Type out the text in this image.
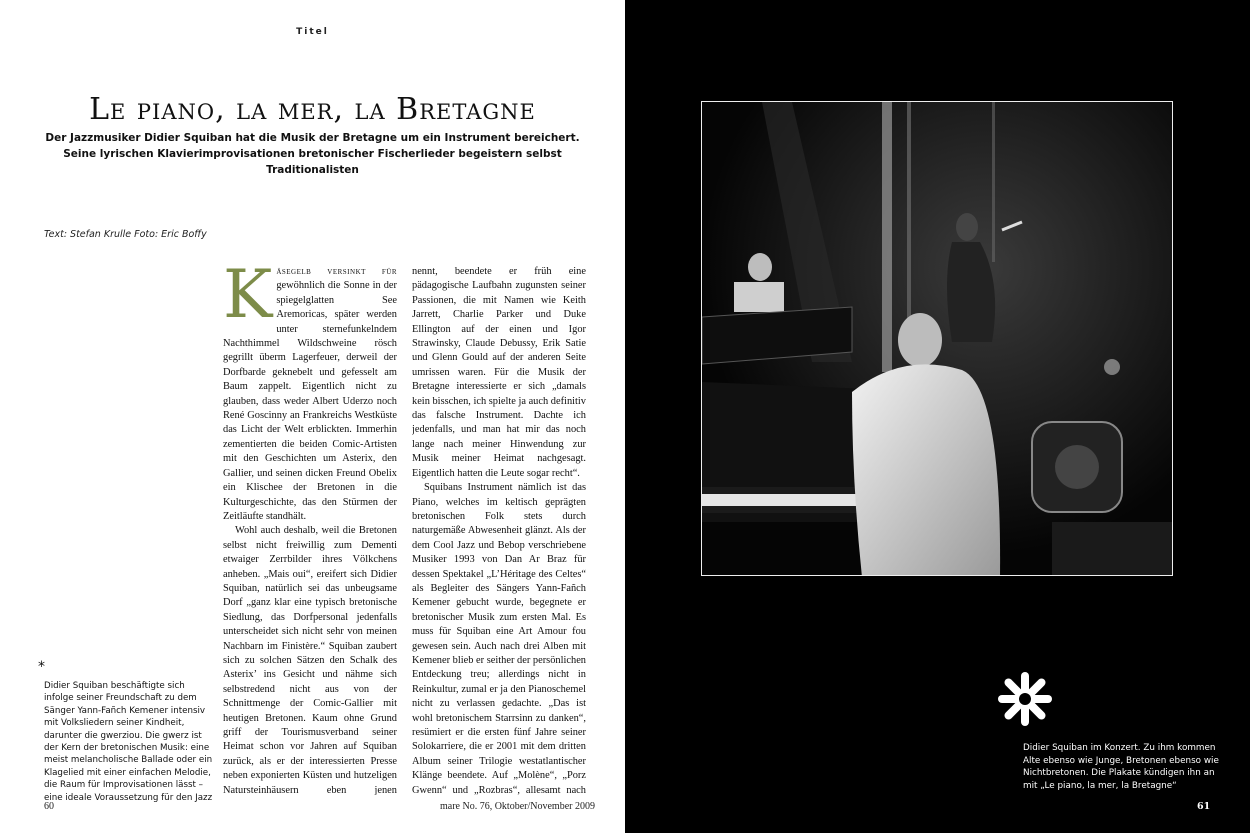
Titel
Le piano, la mer, la Bretagne
Der Jazzmusiker Didier Squiban hat die Musik der Bretagne um ein Instrument bereichert.
Seine lyrischen Klavierimprovisationen bretonischer Fischerlieder begeistern selbst Traditionalisten
Text: Stefan Krulle Foto: Eric Boffy

K äsegelb versinkt für gewöhnlich die Sonne in der spiegelglatten See Aremoricas, später werden unter sternefunkelndem Nachthimmel Wildschweine rösch gegrillt überm Lagerfeuer, derweil der Dorfbarde geknebelt und gefesselt am Baum zappelt. Eigentlich nicht zu glauben, dass weder Albert Uderzo noch René Goscinny an Frankreichs Westküste das Licht der Welt erblickten. Immerhin zementierten die beiden Comic-Artisten mit den Geschichten um Asterix, den Gallier, und seinen dicken Freund Obelix ein Klischee der Bretonen in die Kulturgeschichte, das den Stürmen der Zeitläufte standhält.

Wohl auch deshalb, weil die Bretonen selbst nicht freiwillig zum Dementi etwaiger Zerrbilder ihres Völkchens anheben. „Mais oui“, ereifert sich Didier Squiban, natürlich sei das unbeugsame Dorf „ganz klar eine typisch bretonische Siedlung, das Dorfpersonal jedenfalls unterscheidet sich nicht sehr von meinen Nachbarn im Finistère.“ Squiban zaubert sich zu solchen Sätzen den Schalk des Asterix’ ins Gesicht und nähme sich selbstredend nicht aus von der Schnittmenge der Comic-Gallier mit heutigen Bretonen. Kaum ohne Grund griff der Tourismusverband seiner Heimat schon vor Jahren auf Squiban zurück, als er der interessierten Presse neben exponierten Küsten und hutzeligen Natursteinhäusern eben jenen

nennt, beendete er früh eine pädagogische Laufbahn zugunsten seiner Passionen, die mit Namen wie Keith Jarrett, Charlie Parker und Duke Ellington auf der einen und Igor Strawinsky, Claude Debussy, Erik Satie und Glenn Gould auf der anderen Seite umrissen waren. Für die Musik der Bretagne interessierte er sich „damals kein bisschen, ich spielte ja auch definitiv das falsche Instrument. Dachte ich jedenfalls, und man hat mir das noch lange nach meiner Hinwendung zur Musik meiner Heimat nachgesagt. Eigentlich hatten die Leute sogar recht“.

Squibans Instrument nämlich ist das Piano, welches im keltisch geprägten bretonischen Folk stets durch naturgemäße Abwesenheit glänzt. Als der dem Cool Jazz und Bebop verschriebene Musiker 1993 von Dan Ar Braz für dessen Spektakel „L’Héritage des Celtes“ als Begleiter des Sängers Yann-Fañch Kemener gebucht wurde, begegnete er bretonischer Musik zum ersten Mal. Es muss für Squiban eine Art Amour fou gewesen sein. Auch nach drei Alben mit Kemener blieb er seither der persönlichen Entdeckung treu; allerdings nicht in Reinkultur, zumal er ja den Pianoschemel nicht zu verlassen gedachte. „Das ist wohl bretonischem Starrsinn zu danken“, resümiert er die ersten fünf Jahre seiner Solokarriere, die er 2001 mit dem dritten Album seiner Trilogie westatlantischer Klänge beendete. Auf „Molène“, „Porz Gwenn“ und „Rozbras“, allesamt nach

*
Didier Squiban beschäftigte sich infolge seiner Freundschaft zu dem Sänger Yann-Fañch Kemener intensiv mit Volksliedern seiner Kindheit, darunter die gwerziou. Die gwerz ist der Kern der bretonischen Musik: eine meist melancholische Ballade oder ein Klagelied mit einer einfachen Melodie, die Raum für Improvisationen lässt – eine ideale Voraussetzung für den Jazz
60	mare No. 76, Oktober/November 2009
Didier Squiban im Konzert. Zu ihm kommen Alte ebenso wie Junge, Bretonen ebenso wie Nichtbretonen. Die Plakate kündigen ihn an mit „Le piano, la mer, la Bretagne“
61
